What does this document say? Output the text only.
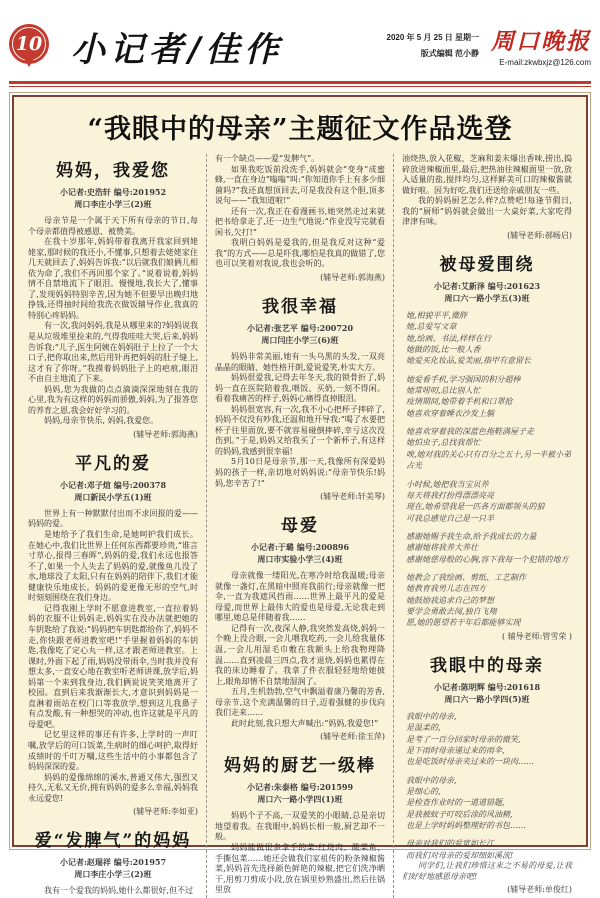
10 小记者/佳作	2020 年 5 月 25 日 星期一
版式编辑 范小静 周口晚报
E-mail:zkwbxjz@126.com
“我眼中的母亲”主题征文作品选登
妈妈，我爱您
小记者:史浩轩 编号:201952
周口李庄小学三(2)班
母亲节是一个属于天下所有母亲的节日,每个母亲都值得被感恩、被赞美。
在我十岁那年,妈妈带着我离开我家回到姥姥家,那时候的我还小,不懂事,只想着去姥姥家住几天就回去了,妈妈告诉我:“以后就我们娘俩儿相依为命了,我们不再回那个家了。”说着说着,妈妈情不自禁地流下了眼泪。慢慢地,我长大了,懂事了,发现妈妈特别辛苦,因为她不但要早出晚归地挣钱,还得抽时间给我洗衣做饭辅导作业,我真的特别心疼妈妈。
有一次,我问妈妈,我是从哪里来的?妈妈说我是从垃圾堆里捡来的,气得我哇哇大哭,后来,妈妈告诉我:“儿子,医生阿姨在妈妈肚子上拉了一个大口子,把你取出来,然后用针再把妈妈的肚子缝上,这才有了你呀。”我摸着妈妈肚子上的疤痕,眼泪不由自主地流了下来。
妈妈,您为我做的点点滴滴深深地刻在我的心里,我为有这样的妈妈而骄傲,妈妈,为了报答您的养育之恩,我会好好学习的。
妈妈,母亲节快乐, 妈妈,我爱您。
(辅导老师:郭海燕)
平凡的爱
小记者:邓子煊 编号:200378
周口新民小学五(1)班
世界上有一种默默付出而不求回报的爱——妈妈的爱。
是她给予了我们生命,是她呵护我们成长。在她心中,我们比世界上任何东西都要珍贵,“谁言寸草心,报得三春晖”,妈妈的爱,我们永远也报答不了,如果一个人失去了妈妈的爱,就像鱼儿没了水,地球没了太阳,只有在妈妈的陪伴下,我们才能健康快乐地成长。妈妈的爱更像无形的空气,时时刻刻围绕在我们身边。
记得我刚上学时不愿意进教室,一直拉着妈妈的衣服不让妈妈走,妈妈实在没办法就把她的车钥匙给了我说:“妈妈把车钥匙都给你了,妈妈不走,你快跟老师进教室吧!”手里握着妈妈的车钥匙,我像吃了定心丸一样,这才跟老师进教室。上课时,外面下起了雨,妈妈没带雨伞,当时我并没有想太多,一直安心地在教室听老师讲课,放学后,妈妈第一个来到我身边,我们俩说说笑笑地离开了校园。直到后来我渐渐长大,才意识到妈妈是一直淋着雨站在校门口等我放学,想到这儿我鼻子有点发酸,有一种想哭的冲动,也许这就是平凡的母爱吧。
记忆里这样的事还有许多,上学时的一声叮嘱,放学后的可口饭菜,生病时的细心呵护,取得好成绩时的千叮万嘱,这些生活中的小事都包含了妈妈深深的爱。
妈妈的爱像绵绵的溪水,普通又伟大,强烈又持久,无私又无价,拥有妈妈的爱多么幸福,妈妈我永远爱您!
(辅导老师:李如亚)
爱“发脾气”的妈妈
小记者:赵瑞祥 编号:201957
周口李庄小学三(2)班
我有一个爱我的妈妈,她什么都很好,但不过
有一个缺点——爱“发脾气”。
如果我吃饭前没洗手,妈妈就会“变身”成蜜蜂,一直在身边“嗡嗡”叫:“你知道你手上有多少细菌吗?”我还真想顶回去,可是我没有这个胆,顶多说句——“我知道啦!”
还有一次,我正在看漫画书,她突然走过来就把书给拿走了,还一边生气地说:“作业没写完就看闲书,欠打!”
我明白妈妈是爱我的,但是我反对这种“爱我”的方式——总是吓我,哪怕是我真的做错了,您也可以笑着对我说,我也会听的。
(辅导老师:郭海燕)
我很幸福
小记者:张艺平 编号:200720
周口闫庄小学三(6)班
妈妈非常美丽,她有一头乌黑的头发,一双亮晶晶的眼睛、她性格开朗,爱说爱笑,朴实大方。
妈妈很爱我,记得去年冬天,我的锁骨折了,妈妈一直在医院陪着我,喂饭、买奶,一刻不得闲。看着我痛苦的样子,妈妈心痛得直掉眼泪。
妈妈很宽容,有一次,我不小心把杯子摔碎了,妈妈不仅没有吵我,还温和地开导我:“喝了水要把杯子往里面放,要不就容易碰倒摔碎,幸亏这次没伤到。”于是,妈妈又给我买了一个新杯子,有这样的妈妈,我感到很幸福!
5月10日是母亲节,那一天,我像所有深爱妈妈的孩子一样,亲切地对妈妈说:“母亲节快乐!妈妈,您辛苦了!”
(辅导老师:轩美琴)
母爱
小记者:于璐 编号:200896
周口市实验小学三(4)班
母亲就像一缕阳光,在寒冷时给我温暖;母亲就像一盏灯,在黑暗中照亮我前行;母亲就像一把伞,一直为我遮风挡雨……世界上最平凡的爱是母爱,而世界上最伟大的爱也是母爱,无论我走到哪里,她总是伴随着我……
记得有一次,夜深人静,我突然发高烧,妈妈一个晚上没合眼,一会儿喂我吃药,一会儿给我量体温,一会儿用湿毛巾敷在我额头上给我物理降温……直到凌晨三四点,我才退烧,妈妈也累得在我的床边睡着了。我拿了件衣服轻轻地给她披上,眼角却情不自禁地湿润了。
五月,生机勃勃,空气中飘溢着康乃馨的芳香,母亲节,这个充满温馨的日子,迈着强健的步伐向我们走来……
此时此刻,我只想大声喊出:“妈妈,我爱您!”
(辅导老师:徐玉萍)
妈妈的厨艺一级棒
小记者:朱泰格 编号:201599
周口六一路小学四(1)班
妈妈个子不高,一双爱笑的小眼睛,总是亲切地望着我。在我眼中,妈妈长相一般,厨艺却不一般。
妈妈能做很多拿手的菜:红烧肉、酸菜鱼、手撕包菜……她还会做我们家祖传的粉条辣椒酱菜,妈妈首先选择颜色鲜艳的辣椒,把它们洗净晒干,用剪刀剪成小段,放在锅里炒熟盛出,然后往锅里放
油烧热,放入花椒、芝麻和姜末爆出香味,捞出,捣碎放进辣椒面里,最后,把热油往辣椒面里一放,放入适量的盐,搅拌均匀,这样鲜美可口的辣椒酱就做好啦。因为好吃,我们还送给亲戚朋友一些。
我的妈妈厨艺怎么样?点赞吧!每逢节假日,我的“厨师”妈妈就会做出一大桌好菜,大家吃得津津有味。
(辅导老师:郝畅启)
被母爱围绕
小记者:艾新泽 编号:201623
周口六一路小学五(3)班
她,相貌平平,微胖
她,总爱写文章
她,绘画、书法,样样在行
她做的饭,比一般人香
她爱买化妆品,爱美丽,指甲有意留长
她爱看手机,学习强国的积分超棒
她常唠叨,总比别人忙
疫情期间,她带着手机和口罩抢
她喜欢穿着睡衣沙发上躺
她喜欢穿着我的深蓝色拖鞋满屋子走
她怕虫子,总找我帮忙
唉,她对我的关心只有百分之五十,另一半被小弟占光
小时候,她把我当宝贝养
每天将我打扮得漂漂亮亮
现在,她希望我是一匹各方面都领头的狼
可我总感觉自己是一只羊
感谢她赐予我生命,给予我成长的力量
感谢她将我养大养壮
感谢她慈母般的心胸,容下我每一个犯错的地方
她教会了我绘画、剪纸、工艺制作
她教育我男儿志在四方
她鼓励我追求自己的梦想
要学会勇敢去闯,独自飞翔
愿,她的愿望若干年后都能够实现
( 辅导老师:管雪荣 )
我眼中的母亲
小记者:陈明辉 编号:201618
周口六一路小学四(5)班
我眼中的母亲,
是温柔的,
是考了一百分回家时母亲的微笑,
是下雨时母亲递过来的雨伞,
也是吃饭时母亲夹过来的一块肉……
我眼中的母亲,
是细心的,
是检查作业时的一道道错题,
是我被蚊子叮咬后涂的风油精,
也是上学时妈妈整理好的书包……
母亲对我们的爱宽如长江,
而我们对母亲的爱却细如溪流!
同学们,让我们珍惜这来之不易的母爱,让我们好好地感恩母亲吧!
(辅导老师:单俊红)
